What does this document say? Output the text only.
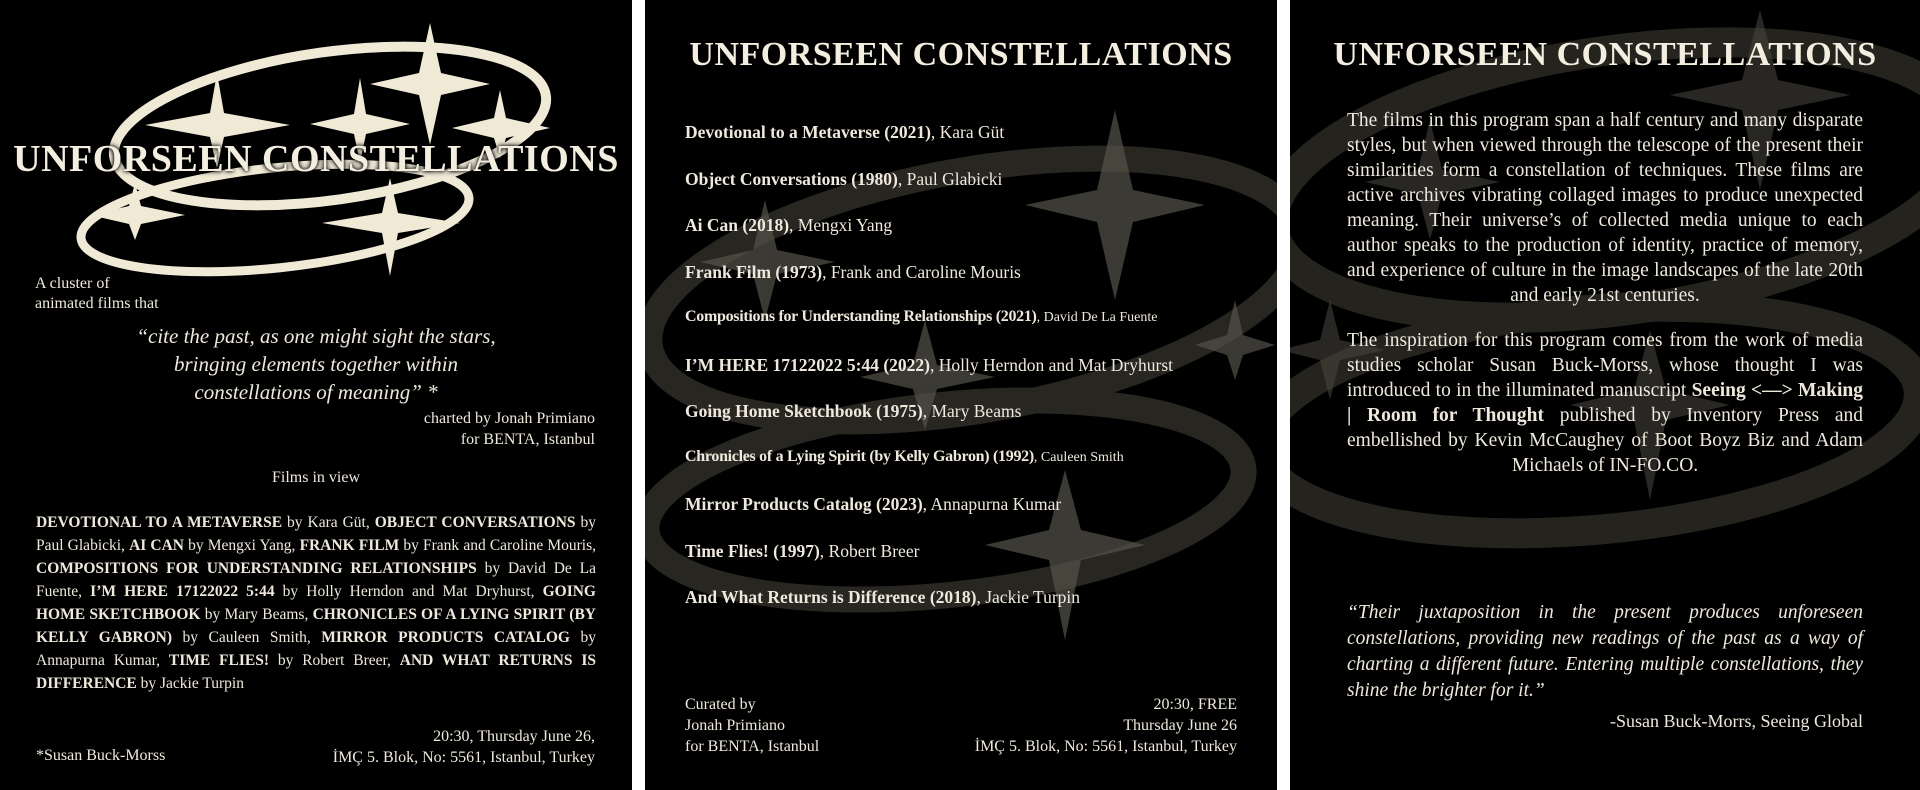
UNFORSEEN CONSTELLATIONS
A cluster of
animated films that
“cite the past, as one might sight the stars,
bringing elements together within
constellations of meaning” *
charted by Jonah Primiano
for BENTA, Istanbul
Films in view
DEVOTIONAL TO A METAVERSE by Kara Güt, OBJECT CONVERSATIONS by Paul Glabicki, AI CAN by Mengxi Yang, FRANK FILM by Frank and Caroline Mouris, COMPOSITIONS FOR UNDERSTANDING RELATIONSHIPS by David De La Fuente, I’M HERE 17122022 5:44 by Holly Herndon and Mat Dryhurst, GOING HOME SKETCHBOOK by Mary Beams, CHRONICLES OF A LYING SPIRIT (BY KELLY GABRON) by Cauleen Smith, MIRROR PRODUCTS CATALOG by Annapurna Kumar, TIME FLIES! by Robert Breer, AND WHAT RETURNS IS DIFFERENCE by Jackie Turpin
20:30, Thursday June 26,
İMÇ 5. Blok, No: 5561, Istanbul, Turkey
*Susan Buck-Morss
UNFORSEEN CONSTELLATIONS
Devotional to a Metaverse (2021), Kara Güt
Object Conversations (1980), Paul Glabicki
Ai Can (2018), Mengxi Yang
Frank Film (1973), Frank and Caroline Mouris
Compositions for Understanding Relationships (2021), David De La Fuente
I’M HERE 17122022 5:44 (2022), Holly Herndon and Mat Dryhurst
Going Home Sketchbook (1975), Mary Beams
Chronicles of a Lying Spirit (by Kelly Gabron) (1992), Cauleen Smith
Mirror Products Catalog (2023), Annapurna Kumar
Time Flies! (1997), Robert Breer
And What Returns is Difference (2018), Jackie Turpin
Curated by
Jonah Primiano
for BENTA, Istanbul
20:30, FREE
Thursday June 26
İMÇ 5. Blok, No: 5561, Istanbul, Turkey
UNFORSEEN CONSTELLATIONS

The films in this program span a half century and many disparate styles, but when viewed through the telescope of the present their similarities form a constellation of techniques. These films are active archives vibrating collaged images to produce unexpected meaning. Their universe’s of collected media unique to each author speaks to the production of identity, practice of memory, and experience of culture in the image landscapes of the late 20th and early 21st centuries.

The inspiration for this program comes from the work of media studies scholar Susan Buck-Morss, whose thought I was introduced to in the illuminated manuscript Seeing <—> Making | Room for Thought published by Inventory Press and embellished by Kevin McCaughey of Boot Boyz Biz and Adam Michaels of IN-FO.CO.

“Their juxtaposition in the present produces unforeseen constellations, providing new readings of the past as a way of charting a different future. Entering multiple constellations, they shine the brighter for it.”
-Susan Buck-Morrs, Seeing Global
